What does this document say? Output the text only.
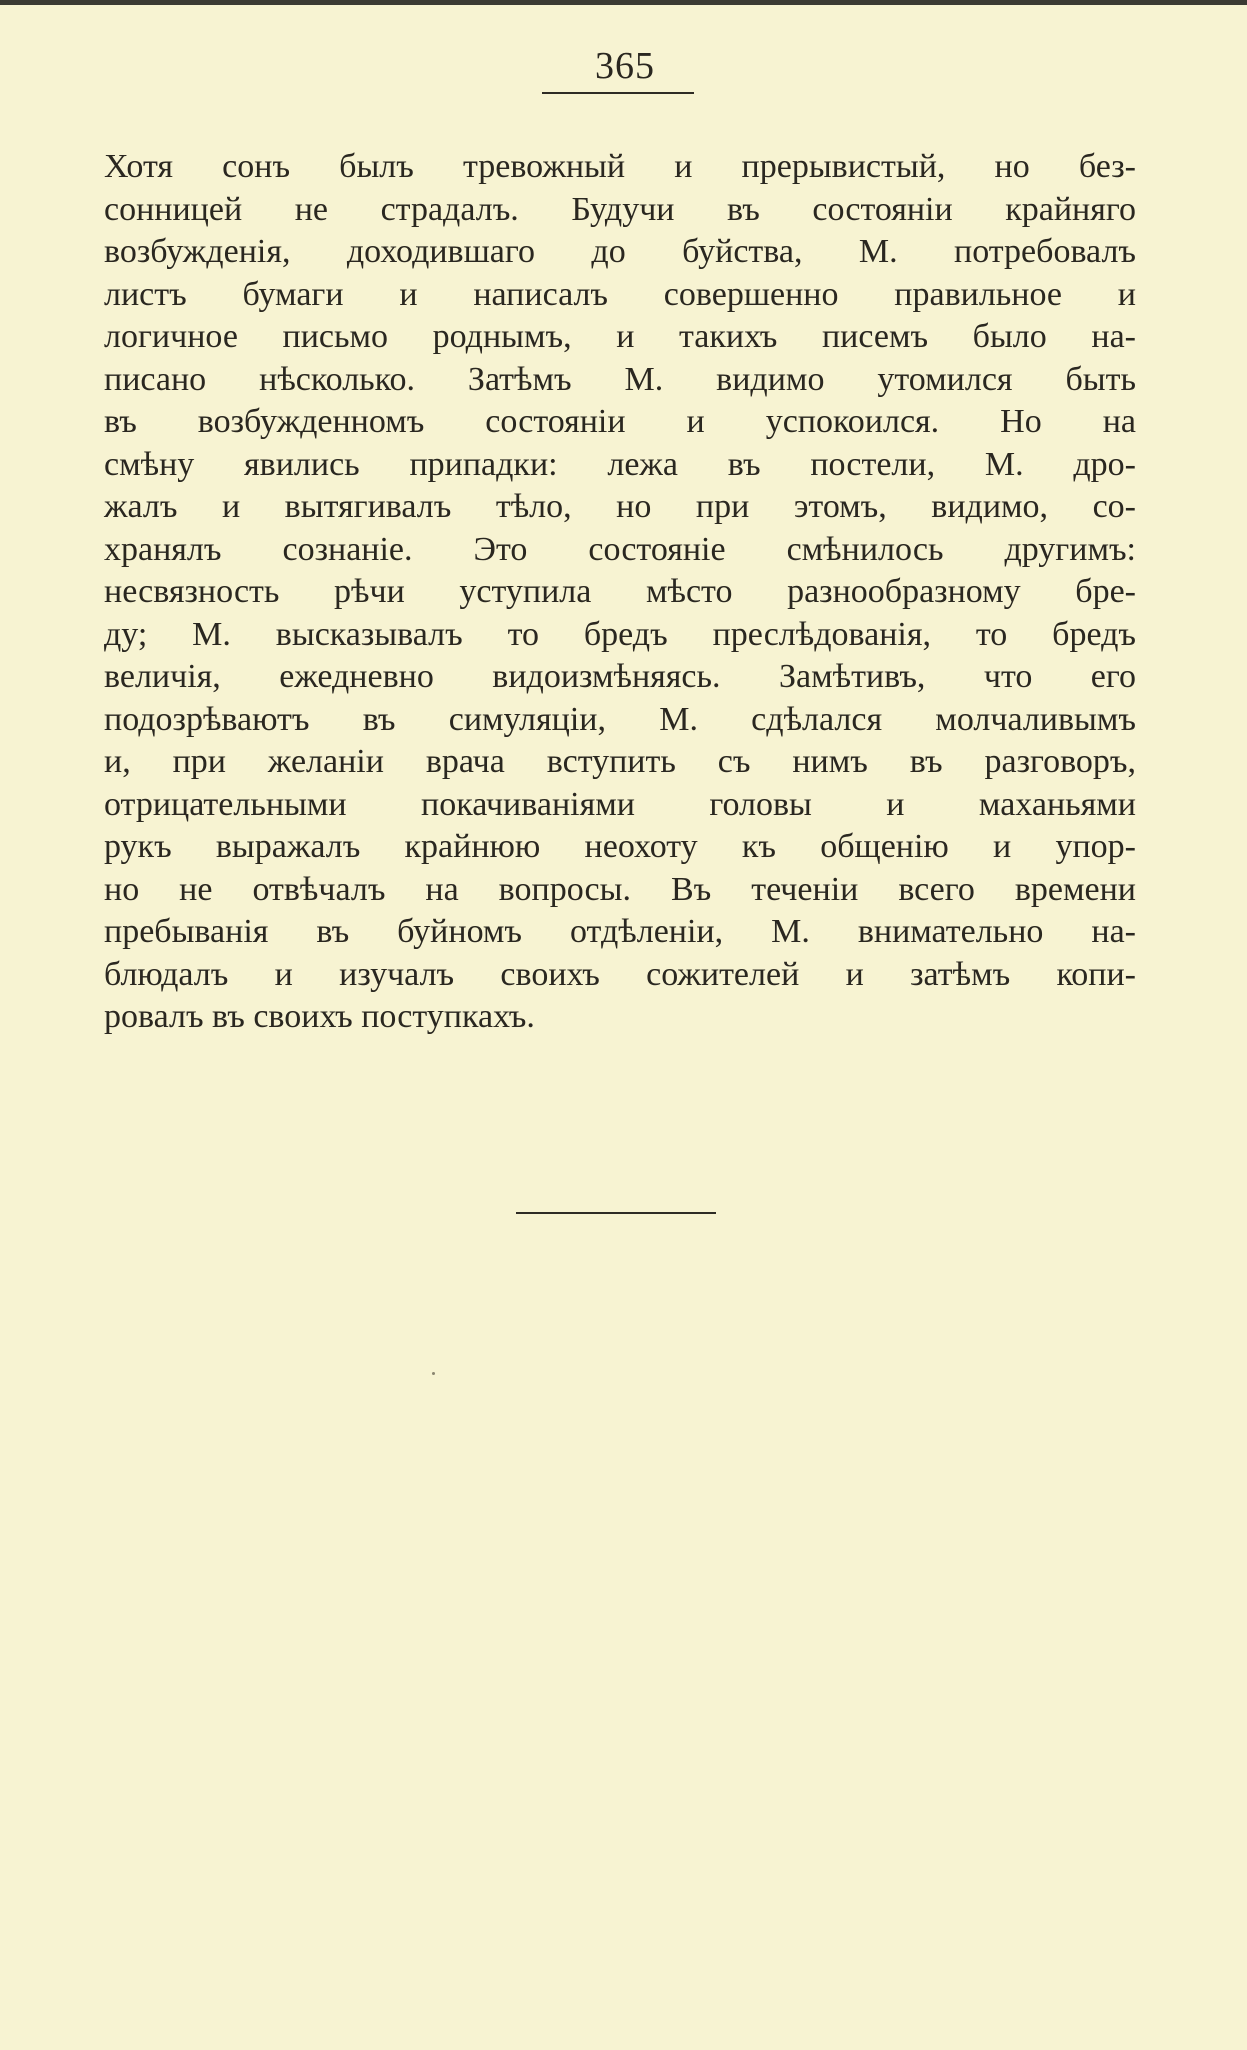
365
Хотя сонъ былъ тревожный и прерывистый, но без-
сонницей не страдалъ. Будучи въ состоянiи крайняго
возбужденiя, доходившаго до буйства, М. потребовалъ
листъ бумаги и написалъ совершенно правильное и
логичное письмо роднымъ, и такихъ писемъ было на-
писано нѣсколько. Затѣмъ М. видимо утомился быть
въ возбужденномъ состоянiи и успокоился. Но на
смѣну явились припадки: лежа въ постели, М. дро-
жалъ и вытягивалъ тѣло, но при этомъ, видимо, со-
хранялъ сознанiе. Это состоянiе смѣнилось другимъ:
несвязность рѣчи уступила мѣсто разнообразному бре-
ду; М. высказывалъ то бредъ преслѣдованiя, то бредъ
величiя, ежедневно видоизмѣняясь. Замѣтивъ, что его
подозрѣваютъ въ симуляцiи, М. сдѣлался молчаливымъ
и, при желанiи врача вступить съ нимъ въ разговоръ,
отрицательными покачиванiями головы и маханьями
рукъ выражалъ крайнюю неохоту къ общенiю и упор-
но не отвѣчалъ на вопросы. Въ теченiи всего времени
пребыванiя въ буйномъ отдѣленiи, М. внимательно на-
блюдалъ и изучалъ своихъ сожителей и затѣмъ копи-
ровалъ въ своихъ поступкахъ.
